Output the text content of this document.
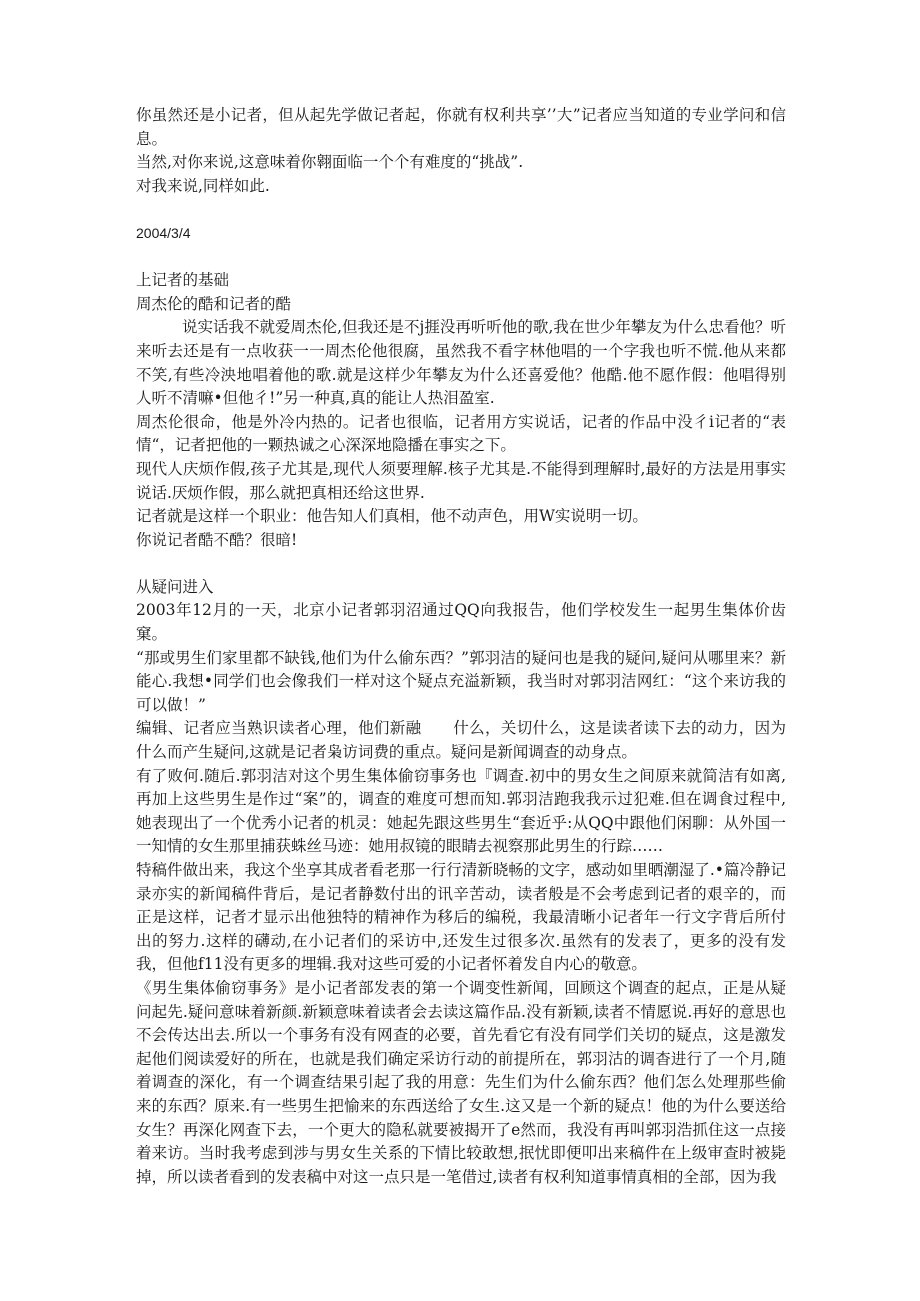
你虽然还是小记者，但从起先学做记者起，你就有权利共享’’大”记者应当知道的专业学问和信息。

当然,对你来说,这意味着你翱面临一个个有难度的“挑战”.

对我来说,同样如此.

2004/3/4

上记者的基础

周杰伦的酷和记者的酷

说实话我不就爱周杰伦,但我还是不j捱没再听听他的歌,我在世少年攀友为什么忠看他？听来听去还是有一点收获一一周杰伦他很腐，虽然我不看字林他唱的一个字我也听不慌.他从来都不笑,有些冷泱地唱着他的歌.就是这样少年攀友为什么还喜爱他？他酷.他不愿作假：他唱得别人听不清嘛•但他彳!”另一种真,真的能让人热泪盈室.

周杰伦很命，他是外冷内热的。记者也很临，记者用方实说话，记者的作品中没彳i记者的“表情“，记者把他的一颗热诚之心深深地隐播在事实之下。

现代人庆烦作假,孩子尤其是,现代人须要理解.核子尤其是.不能得到理解时,最好的方法是用事实说话.厌烦作假，那么就把真相还给这世界.

记者就是这样一个职业：他告知人们真相，他不动声色，用W实说明一切。

你说记者酷不酷？很暗!

从疑问进入

2003年12月的一天，北京小记者郭羽沼通过QQ向我报告，他们学校发生一起男生集体价齿窠。

“那或男生们家里都不缺钱,他们为什么偷东西？”郭羽洁的疑问也是我的疑问,疑问从哪里来？新能心.我想•同学们也会像我们一样对这个疑点充溢新颖，我当时对郭羽洁网红：“这个来访我的可以做！”

编辑、记者应当熟识读者心理，他们新融　　什么，关切什么，这是读者读下去的动力，因为什么而产生疑问,这就是记者枭访词费的重点。疑问是新闻调查的动身点。

有了败何.随后.郭羽洁对这个男生集体偷窃事务也『调查.初中的男女生之间原来就简洁有如离,再加上这些男生是作过“案”的，调查的难度可想而知.郭羽洁跑我我示过犯难.但在调食过程中,她表现出了一个优秀小记者的机灵：她起先跟这些男生“套近乎:从QQ中跟他们闲聊：从外国一一知情的女生那里捕获蛛丝马迹：她用叔镜的眼睛去视察那此男生的行踪……

特稿件做出来，我这个坐享其成者看老那一行行清新晓畅的文字，感动如里晒潮湿了.•篇冷静记录亦实的新闻稿件背后，是记者静数付出的讯辛苦动，读者般是不会考虑到记者的艰辛的，而正是这样，记者才显示出他独特的精神作为移后的编税，我最清晰小记者年一行文字背后所付出的努力.这样的礴动,在小记者们的采访中,还发生过很多次.虽然有的发表了，更多的没有发我，但他f11没有更多的埋辑.我对这些可爱的小记者怀着发自内心的敬意。

《男生集体偷窃事务》是小记者部发表的第一个调变性新闻，回顾这个调查的起点，正是从疑问起先.疑问意味着新颜.新颖意味着读者会去读这篇作品.没有新颖,读者不情愿说.再好的意思也不会传达出去.所以一个事务有没有网查的必要，首先看它有没有同学们关切的疑点，这是激发起他们阅读爱好的所在，也就是我们确定采访行动的前提所在，郭羽沽的调杳进行了一个月,随着调查的深化，有一个调查结果引起了我的用意：先生们为什么偷东西？他们怎么处理那些偷来的东西？原来.有一些男生把愉来的东西送给了女生.这又是一个新的疑点！他的为什么要送给女生？再深化网查下去，一个更大的隐私就要被揭开了e然而，我没有再叫郭羽浩抓住这一点接着来访。当时我考虑到涉与男女生关系的下情比较敢想,抿忧即便叩出来稿件在上级审查时被毙掉，所以读者看到的发表稿中对这一点只是一笔借过,读者有权利知道事情真相的全部，因为我
